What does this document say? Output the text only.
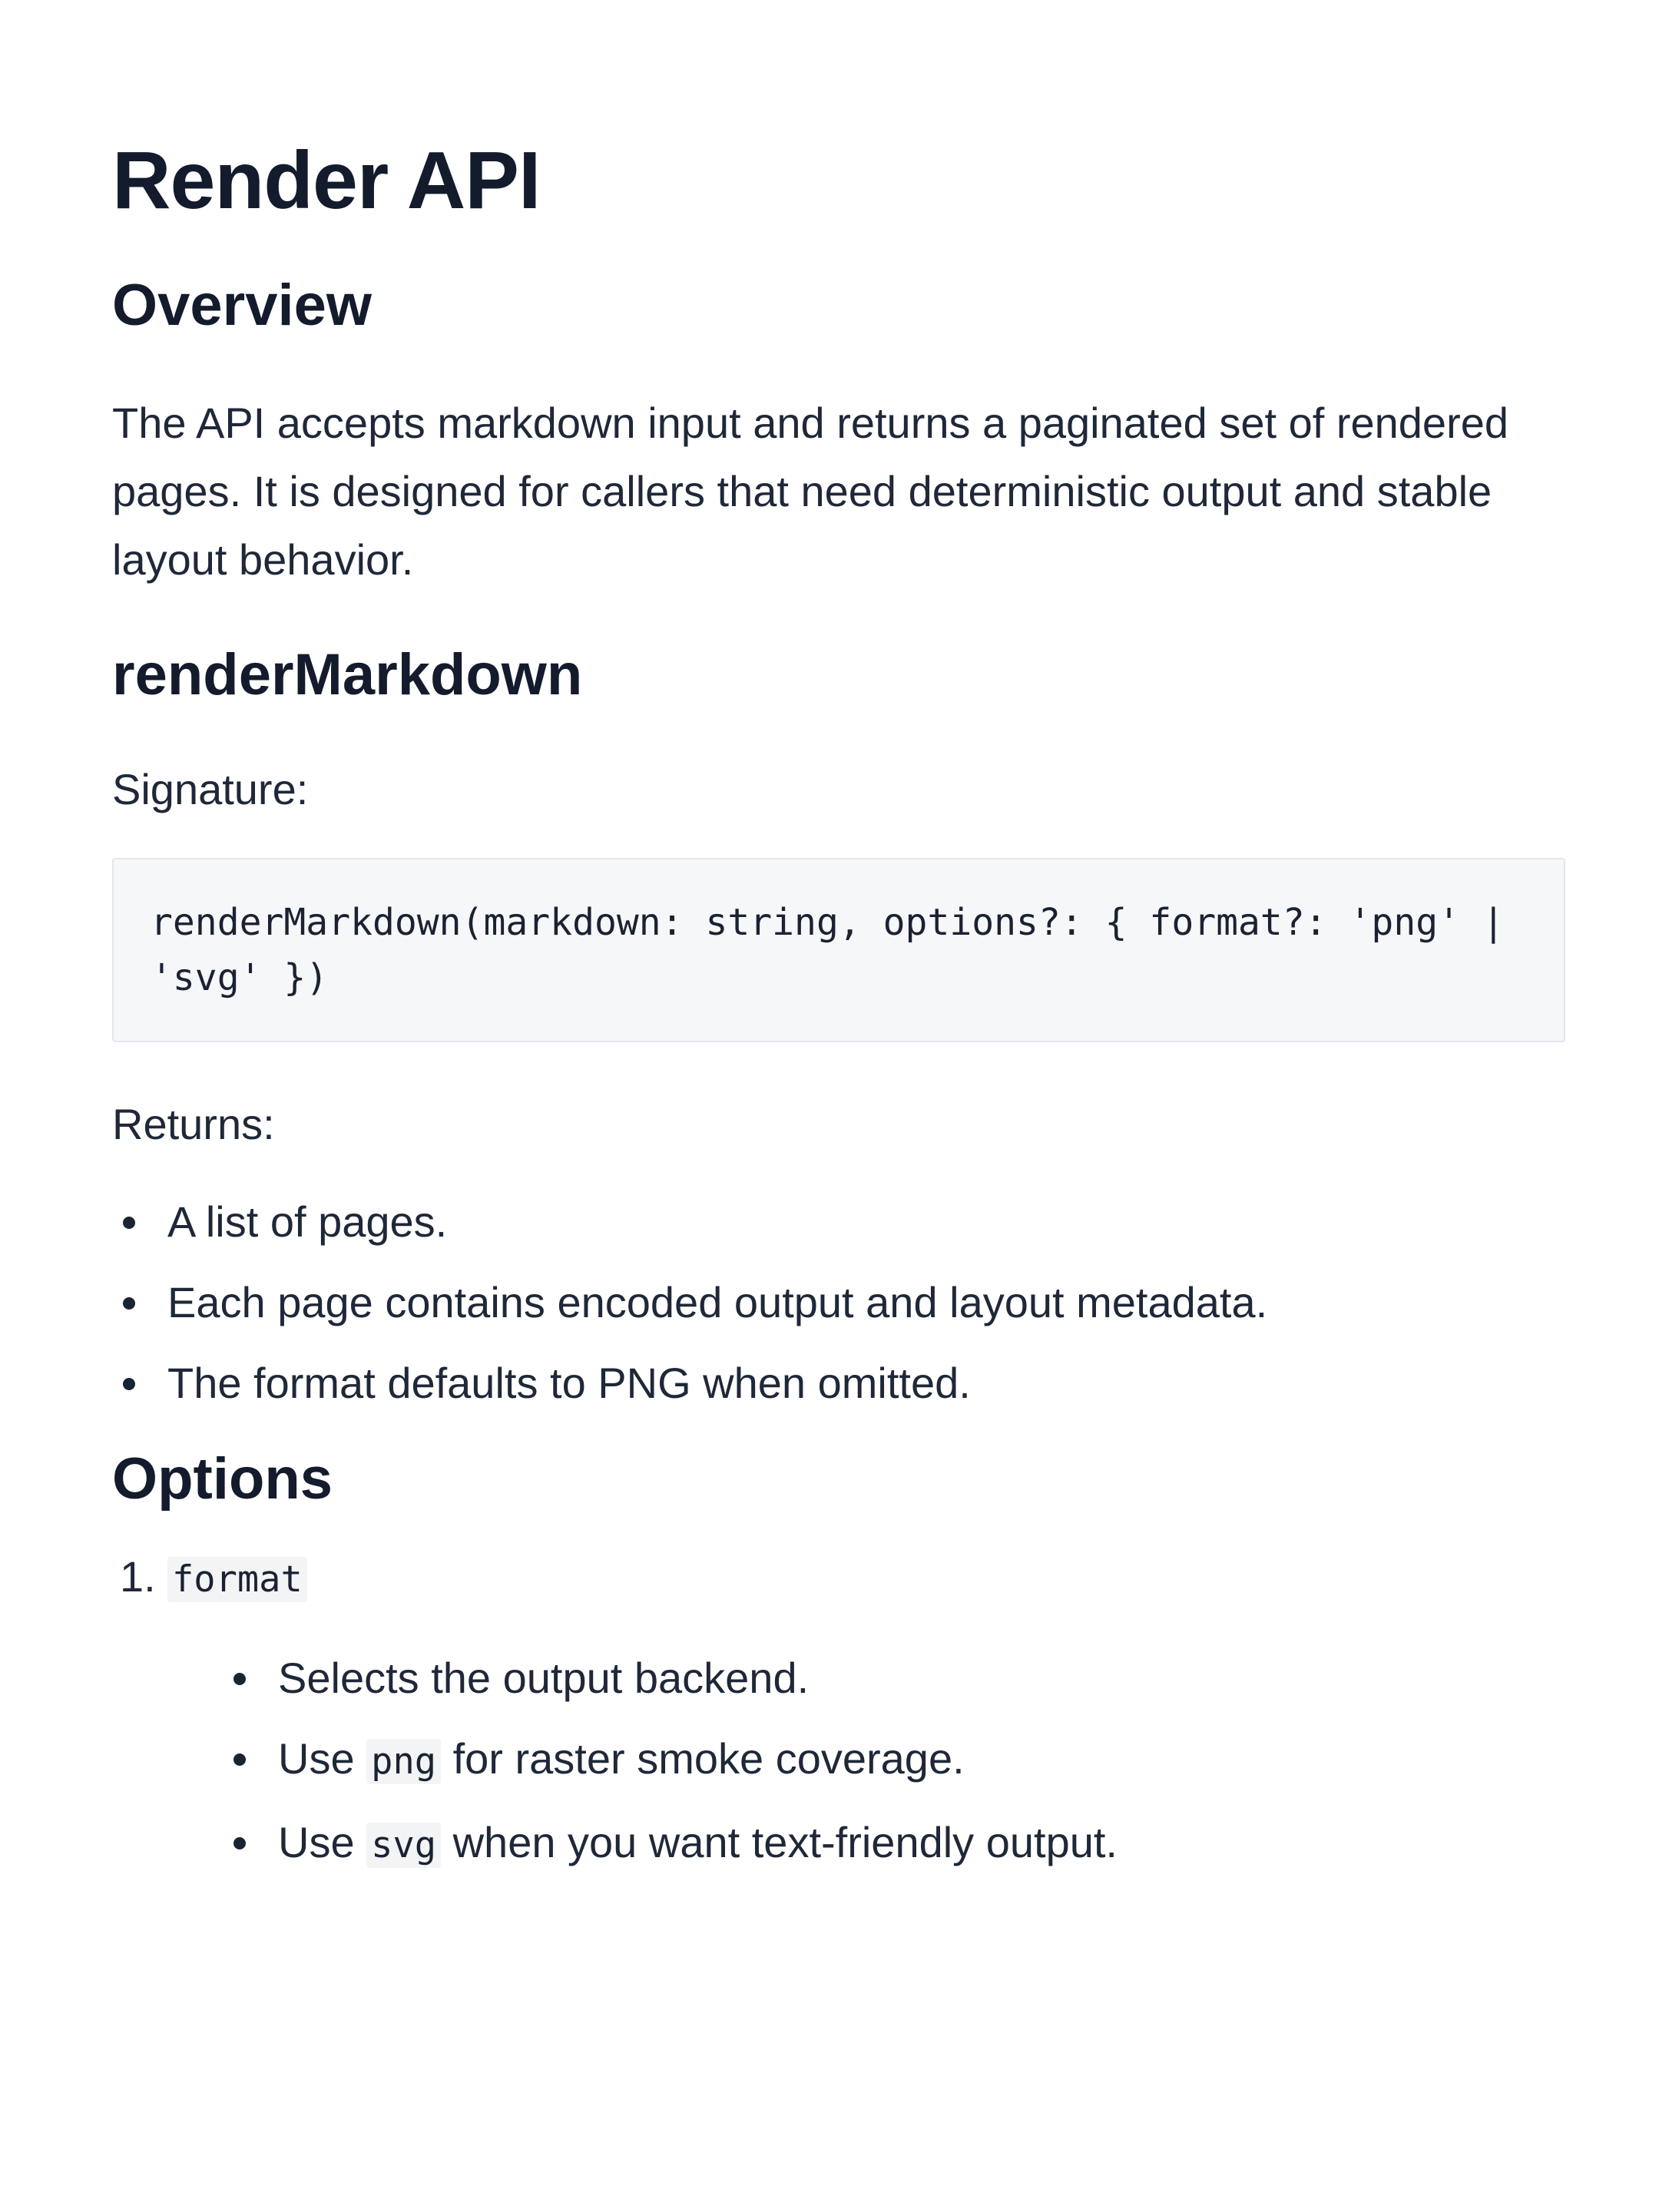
Render API
Overview

The API accepts markdown input and returns a paginated set of rendered pages. It is designed for callers that need deterministic output and stable layout behavior.

renderMarkdown

Signature:

renderMarkdown(markdown: string, options?: { format?: 'png' | 'svg' })

Returns:

A list of pages.
Each page contains encoded output and layout metadata.
The format defaults to PNG when omitted.
Options
1. format
Selects the output backend.
Use png for raster smoke coverage.
Use svg when you want text-friendly output.
